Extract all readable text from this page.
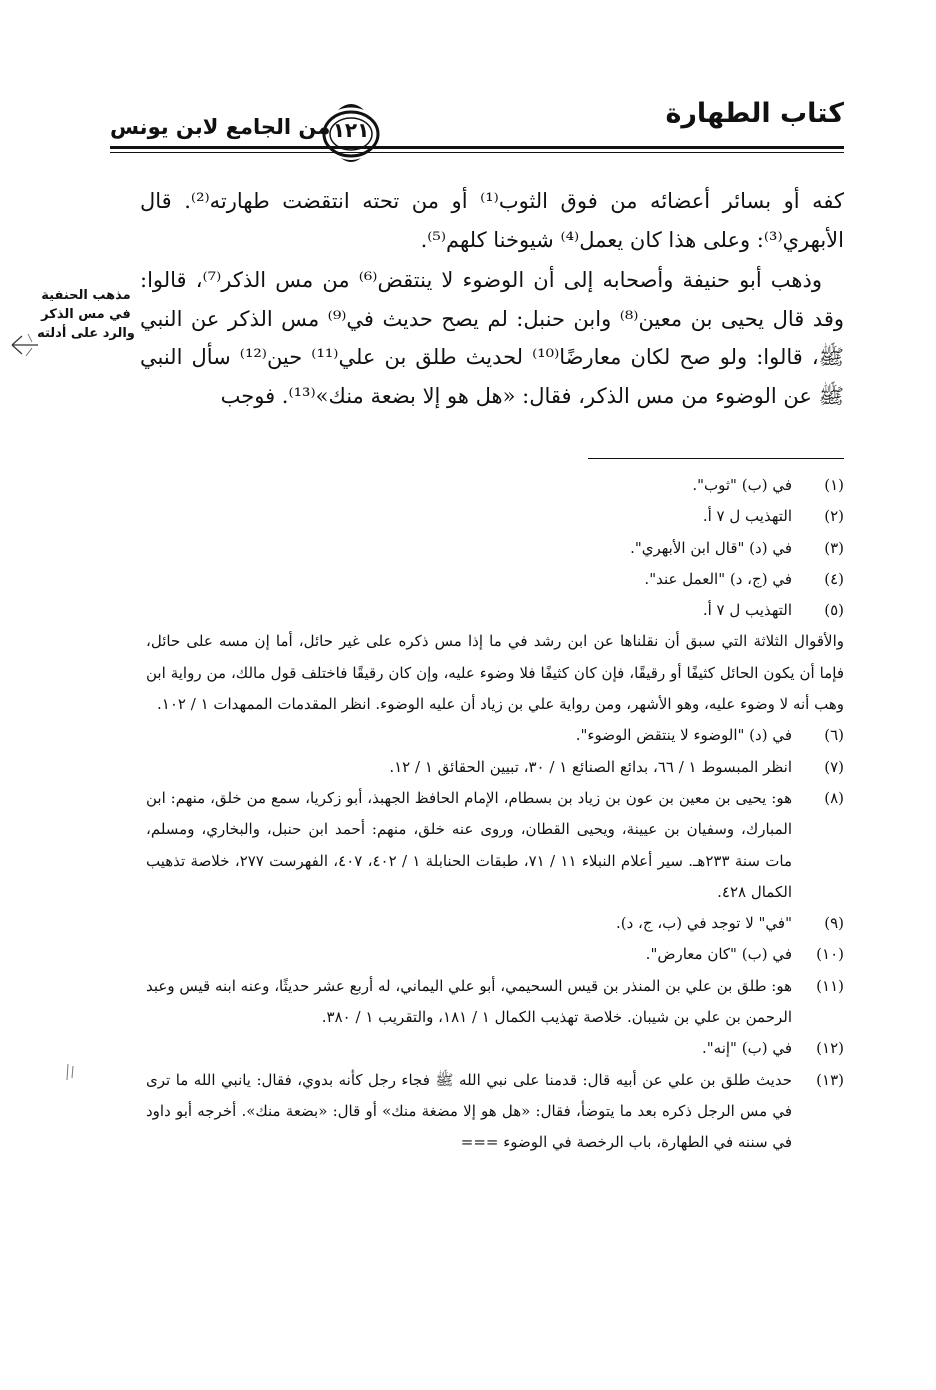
كتاب الطهارة
١٢١
من الجامع لابن يونس

كفه أو بسائر أعضائه من فوق الثوب⁽¹⁾ أو من تحته انتقضت طهارته⁽²⁾. قال الأبهري⁽³⁾: وعلى هذا كان يعمل⁽⁴⁾ شيوخنا كلهم⁽⁵⁾.

وذهب أبو حنيفة وأصحابه إلى أن الوضوء لا ينتقض⁽⁶⁾ من مس الذكر⁽⁷⁾، قالوا: وقد قال يحيى بن معين⁽⁸⁾ وابن حنبل: لم يصح حديث في⁽⁹⁾ مس الذكر عن النبي ﷺ، قالوا: ولو صح لكان معارضًا⁽¹⁰⁾ لحديث طلق بن علي⁽¹¹⁾ حين⁽¹²⁾ سأل النبي ﷺ عن الوضوء من مس الذكر، فقال: «هل هو إلا بضعة منك»⁽¹³⁾. فوجب

مذهب الحنفية
في مس الذكر
والرد على أدلته
(١)
في (ب) "ثوب".
(٢)
التهذيب ل ٧ أ.
(٣)
في (د) "قال ابن الأبهري".
(٤)
في (ج، د) "العمل عند".
(٥)
التهذيب ل ٧ أ.
والأقوال الثلاثة التي سبق أن نقلناها عن ابن رشد في ما إذا مس ذكره على غير حائل، أما إن مسه على حائل، فإما أن يكون الحائل كثيفًا أو رقيقًا، فإن كان كثيفًا فلا وضوء عليه، وإن كان رقيقًا فاختلف قول مالك، من رواية ابن وهب أنه لا وضوء عليه، وهو الأشهر، ومن رواية علي بن زياد أن عليه الوضوء. انظر المقدمات الممهدات ١ / ١٠٢.
(٦)
في (د) "الوضوء لا ينتقض الوضوء".
(٧)
انظر المبسوط ١ / ٦٦، بدائع الصنائع ١ / ٣٠، تبيين الحقائق ١ / ١٢.
(٨)
هو: يحيى بن معين بن عون بن زياد بن بسطام، الإمام الحافظ الجهبذ، أبو زكريا، سمع من خلق، منهم: ابن المبارك، وسفيان بن عيينة، ويحيى القطان، وروى عنه خلق، منهم: أحمد ابن حنبل، والبخاري، ومسلم، مات سنة ٢٣٣هـ. سير أعلام النبلاء ١١ / ٧١، طبقات الحنابلة ١ / ٤٠٢، ٤٠٧، الفهرست ٢٧٧، خلاصة تذهيب الكمال ٤٢٨.
(٩)
"في" لا توجد في (ب، ج، د).
(١٠)
في (ب) "كان معارض".
(١١)
هو: طلق بن علي بن المنذر بن قيس السحيمي، أبو علي اليماني، له أربع عشر حديثًا، وعنه ابنه قيس وعبد الرحمن بن علي بن شيبان. خلاصة تهذيب الكمال ١ / ١٨١، والتقريب ١ / ٣٨٠.
(١٢)
في (ب) "إنه".
(١٣)
حديث طلق بن علي عن أبيه قال: قدمنا على نبي الله ﷺ فجاء رجل كأنه بدوي، فقال: يانبي الله ما ترى في مس الرجل ذكره بعد ما يتوضأ، فقال: «هل هو إلا مضغة منك» أو قال: «بضعة منك». أخرجه أبو داود في سننه في الطهارة، باب الرخصة في الوضوء ===
